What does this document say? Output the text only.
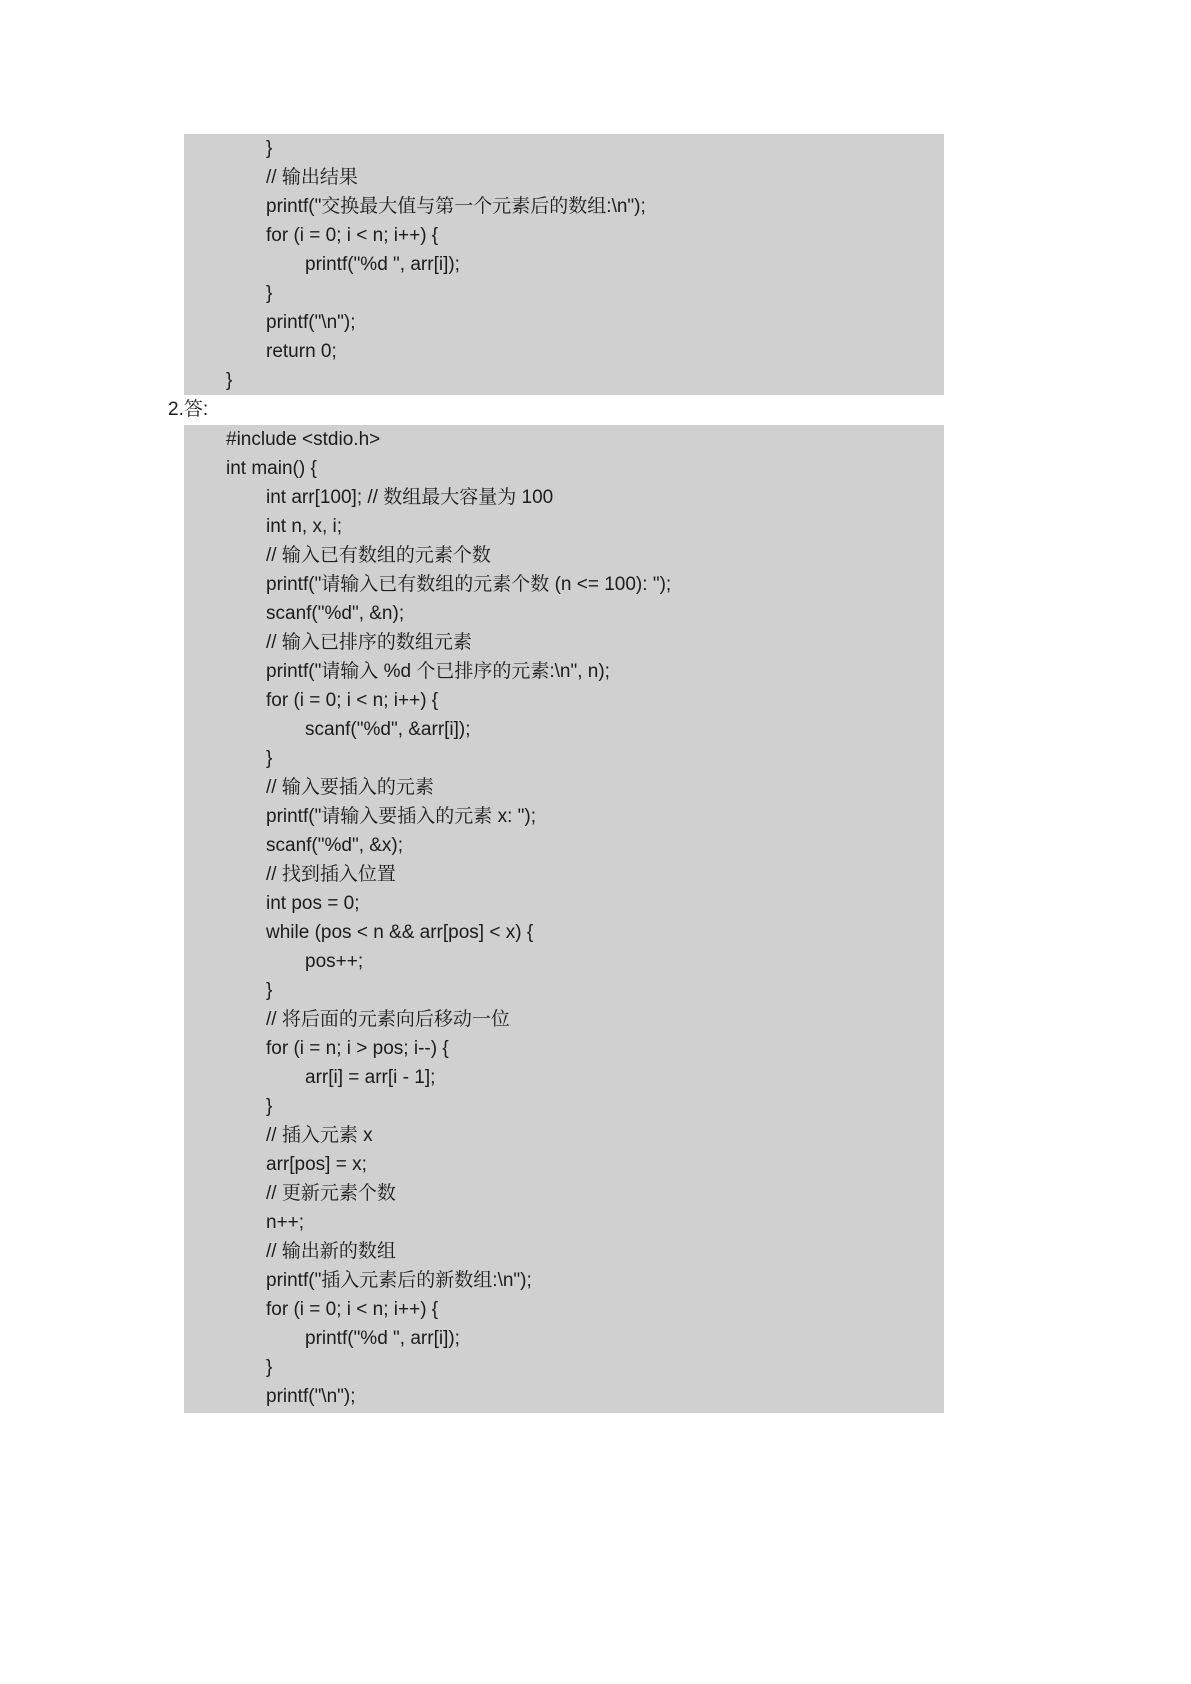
}
// 输出结果
printf("交换最大值与第一个元素后的数组:\n");
for (i = 0; i < n; i++) {
printf("%d ", arr[i]);
}
printf("\n");
return 0;
}
2.答:
#include <stdio.h>
int main() {
int arr[100]; // 数组最大容量为 100
int n, x, i;
// 输入已有数组的元素个数
printf("请输入已有数组的元素个数 (n <= 100): ");
scanf("%d", &n);
// 输入已排序的数组元素
printf("请输入 %d 个已排序的元素:\n", n);
for (i = 0; i < n; i++) {
scanf("%d", &arr[i]);
}
// 输入要插入的元素
printf("请输入要插入的元素 x: ");
scanf("%d", &x);
// 找到插入位置
int pos = 0;
while (pos < n && arr[pos] < x) {
pos++;
}
// 将后面的元素向后移动一位
for (i = n; i > pos; i--) {
arr[i] = arr[i - 1];
}
// 插入元素 x
arr[pos] = x;
// 更新元素个数
n++;
// 输出新的数组
printf("插入元素后的新数组:\n");
for (i = 0; i < n; i++) {
printf("%d ", arr[i]);
}
printf("\n");
